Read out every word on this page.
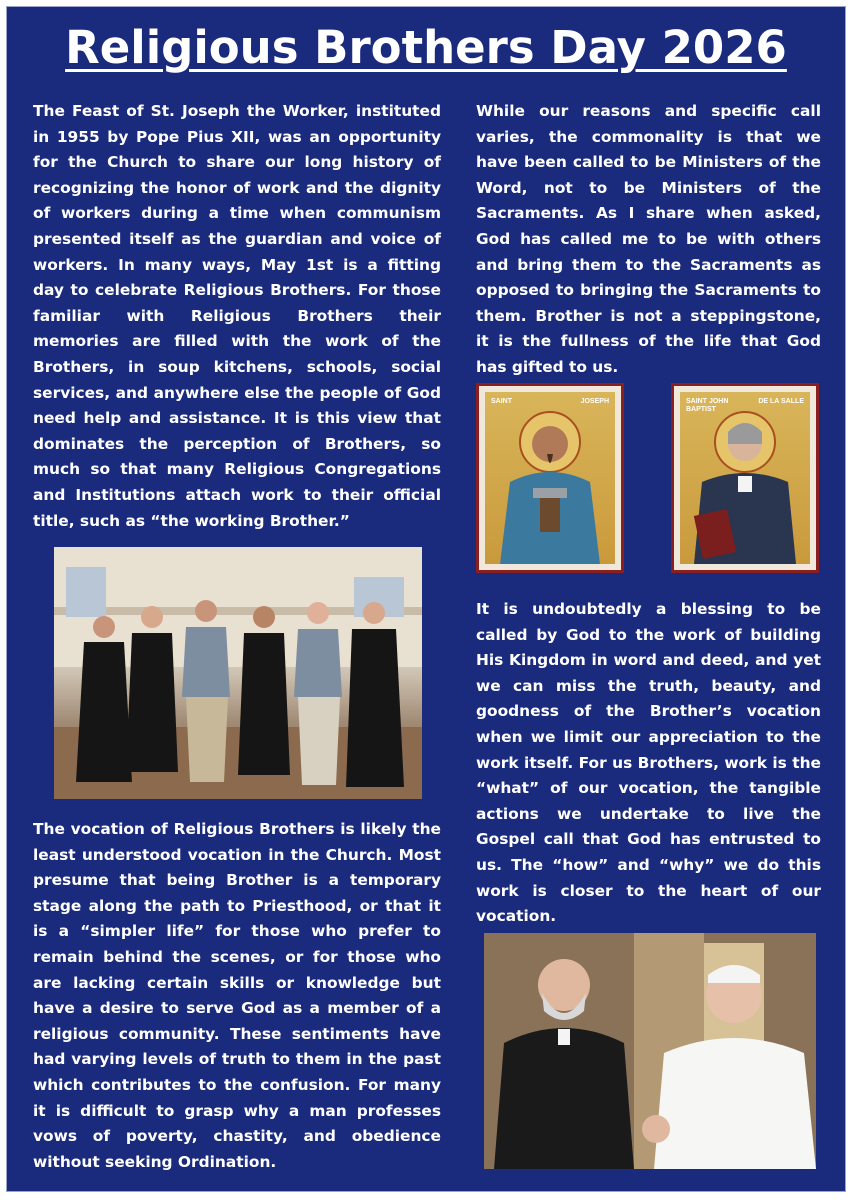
Religious Brothers Day 2026

The Feast of St. Joseph the Worker, instituted in 1955 by Pope Pius XII, was an opportunity for the Church to share our long history of recognizing the honor of work and the dignity of workers during a time when communism presented itself as the guardian and voice of workers. In many ways, May 1st is a fitting day to celebrate Religious Brothers. For those familiar with Religious Brothers their memories are filled with the work of the Brothers, in soup kitchens, schools, social services, and anywhere else the people of God need help and assistance. It is this view that dominates the perception of Brothers, so much so that many Religious Congregations and Institutions attach work to their official title, such as “the working Brother.”

The vocation of Religious Brothers is likely the least understood vocation in the Church. Most presume that being Brother is a temporary stage along the path to Priesthood, or that it is a “simpler life” for those who prefer to remain behind the scenes, or for those who are lacking certain skills or knowledge but have a desire to serve God as a member of a religious community. These sentiments have had varying levels of truth to them in the past which contributes to the confusion. For many it is difficult to grasp why a man professes vows of poverty, chastity, and obedience without seeking Ordination.

While our reasons and specific call varies, the commonality is that we have been called to be Ministers of the Word, not to be Ministers of the Sacraments. As I share when asked, God has called me to be with others and bring them to the Sacraments as opposed to bringing the Sacraments to them. Brother is not a steppingstone, it is the fullness of the life that God has gifted to us.

SAINT	JOSEPH	SAINT JOHN BAPTIST
DE LA SALLE

It is undoubtedly a blessing to be called by God to the work of building His Kingdom in word and deed, and yet we can miss the truth, beauty, and goodness of the Brother’s vocation when we limit our appreciation to the work itself. For us Brothers, work is the “what” of our vocation, the tangible actions we undertake to live the Gospel call that God has entrusted to us. The “how” and “why” we do this work is closer to the heart of our vocation.
